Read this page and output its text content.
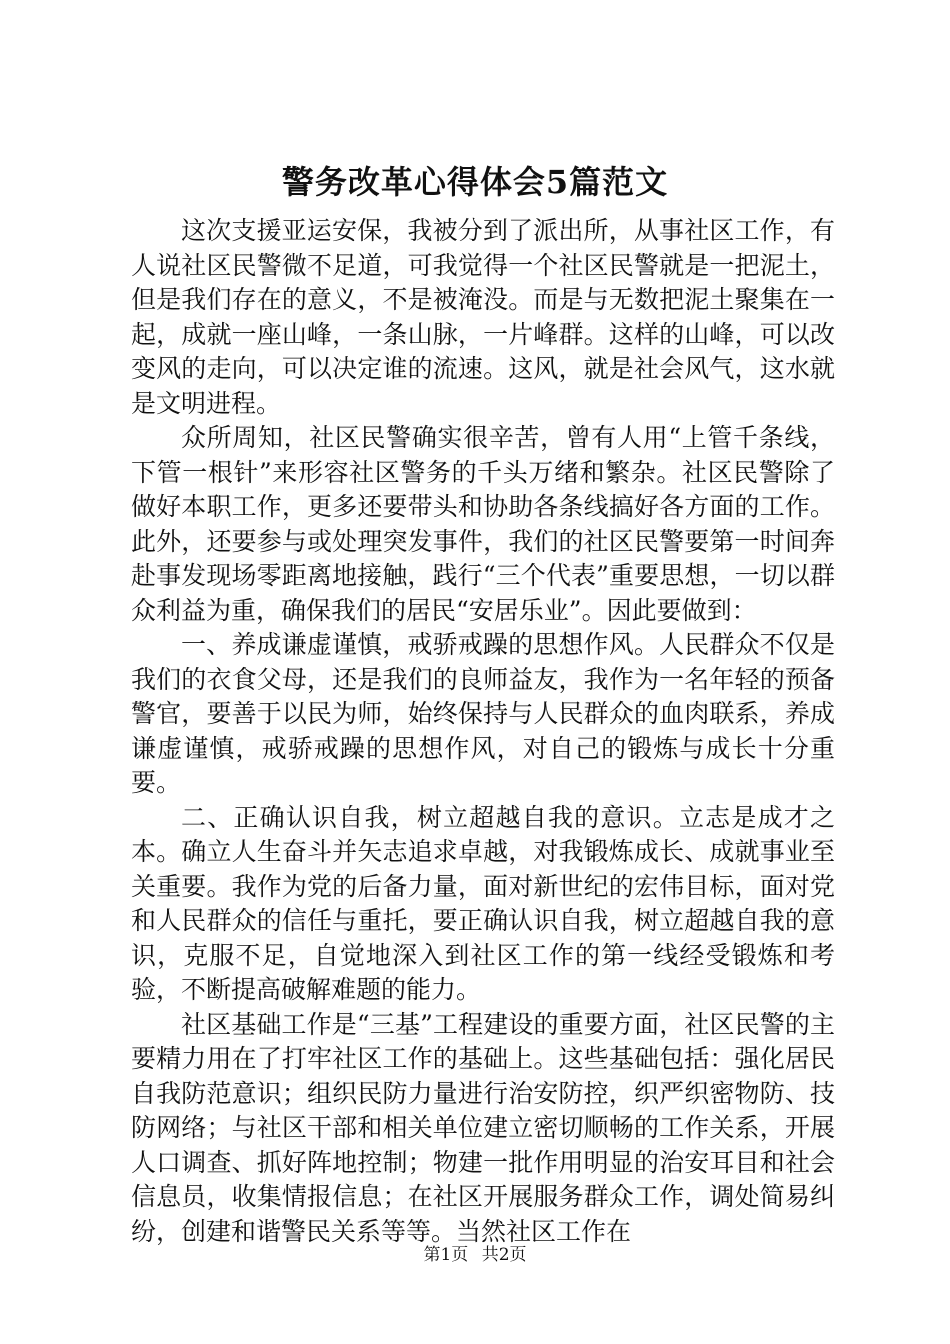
警务改革心得体会5篇范文

这次支援亚运安保，我被分到了派出所，从事社区工作，有人说社区民警微不足道，可我觉得一个社区民警就是一把泥土，但是我们存在的意义，不是被淹没。而是与无数把泥土聚集在一起，成就一座山峰，一条山脉，一片峰群。这样的山峰，可以改变风的走向，可以决定谁的流速。这风，就是社会风气，这水就是文明进程。

众所周知，社区民警确实很辛苦，曾有人用“上管千条线，下管一根针”来形容社区警务的千头万绪和繁杂。社区民警除了做好本职工作，更多还要带头和协助各条线搞好各方面的工作。此外，还要参与或处理突发事件，我们的社区民警要第一时间奔赴事发现场零距离地接触，践行“三个代表”重要思想，一切以群众利益为重，确保我们的居民“安居乐业”。因此要做到：

一、养成谦虚谨慎，戒骄戒躁的思想作风。人民群众不仅是我们的衣食父母，还是我们的良师益友，我作为一名年轻的预备警官，要善于以民为师，始终保持与人民群众的血肉联系，养成谦虚谨慎，戒骄戒躁的思想作风，对自己的锻炼与成长十分重要。

二、正确认识自我，树立超越自我的意识。立志是成才之本。确立人生奋斗并矢志追求卓越，对我锻炼成长、成就事业至关重要。我作为党的后备力量，面对新世纪的宏伟目标，面对党和人民群众的信任与重托，要正确认识自我，树立超越自我的意识，克服不足，自觉地深入到社区工作的第一线经受锻炼和考验，不断提高破解难题的能力。

社区基础工作是“三基”工程建设的重要方面，社区民警的主要精力用在了打牢社区工作的基础上。这些基础包括：强化居民自我防范意识；组织民防力量进行治安防控，织严织密物防、技防网络；与社区干部和相关单位建立密切顺畅的工作关系，开展人口调查、抓好阵地控制；物建一批作用明显的治安耳目和社会信息员，收集情报信息；在社区开展服务群众工作，调处简易纠纷，创建和谐警民关系等等。当然社区工作在

第1页 共2页
